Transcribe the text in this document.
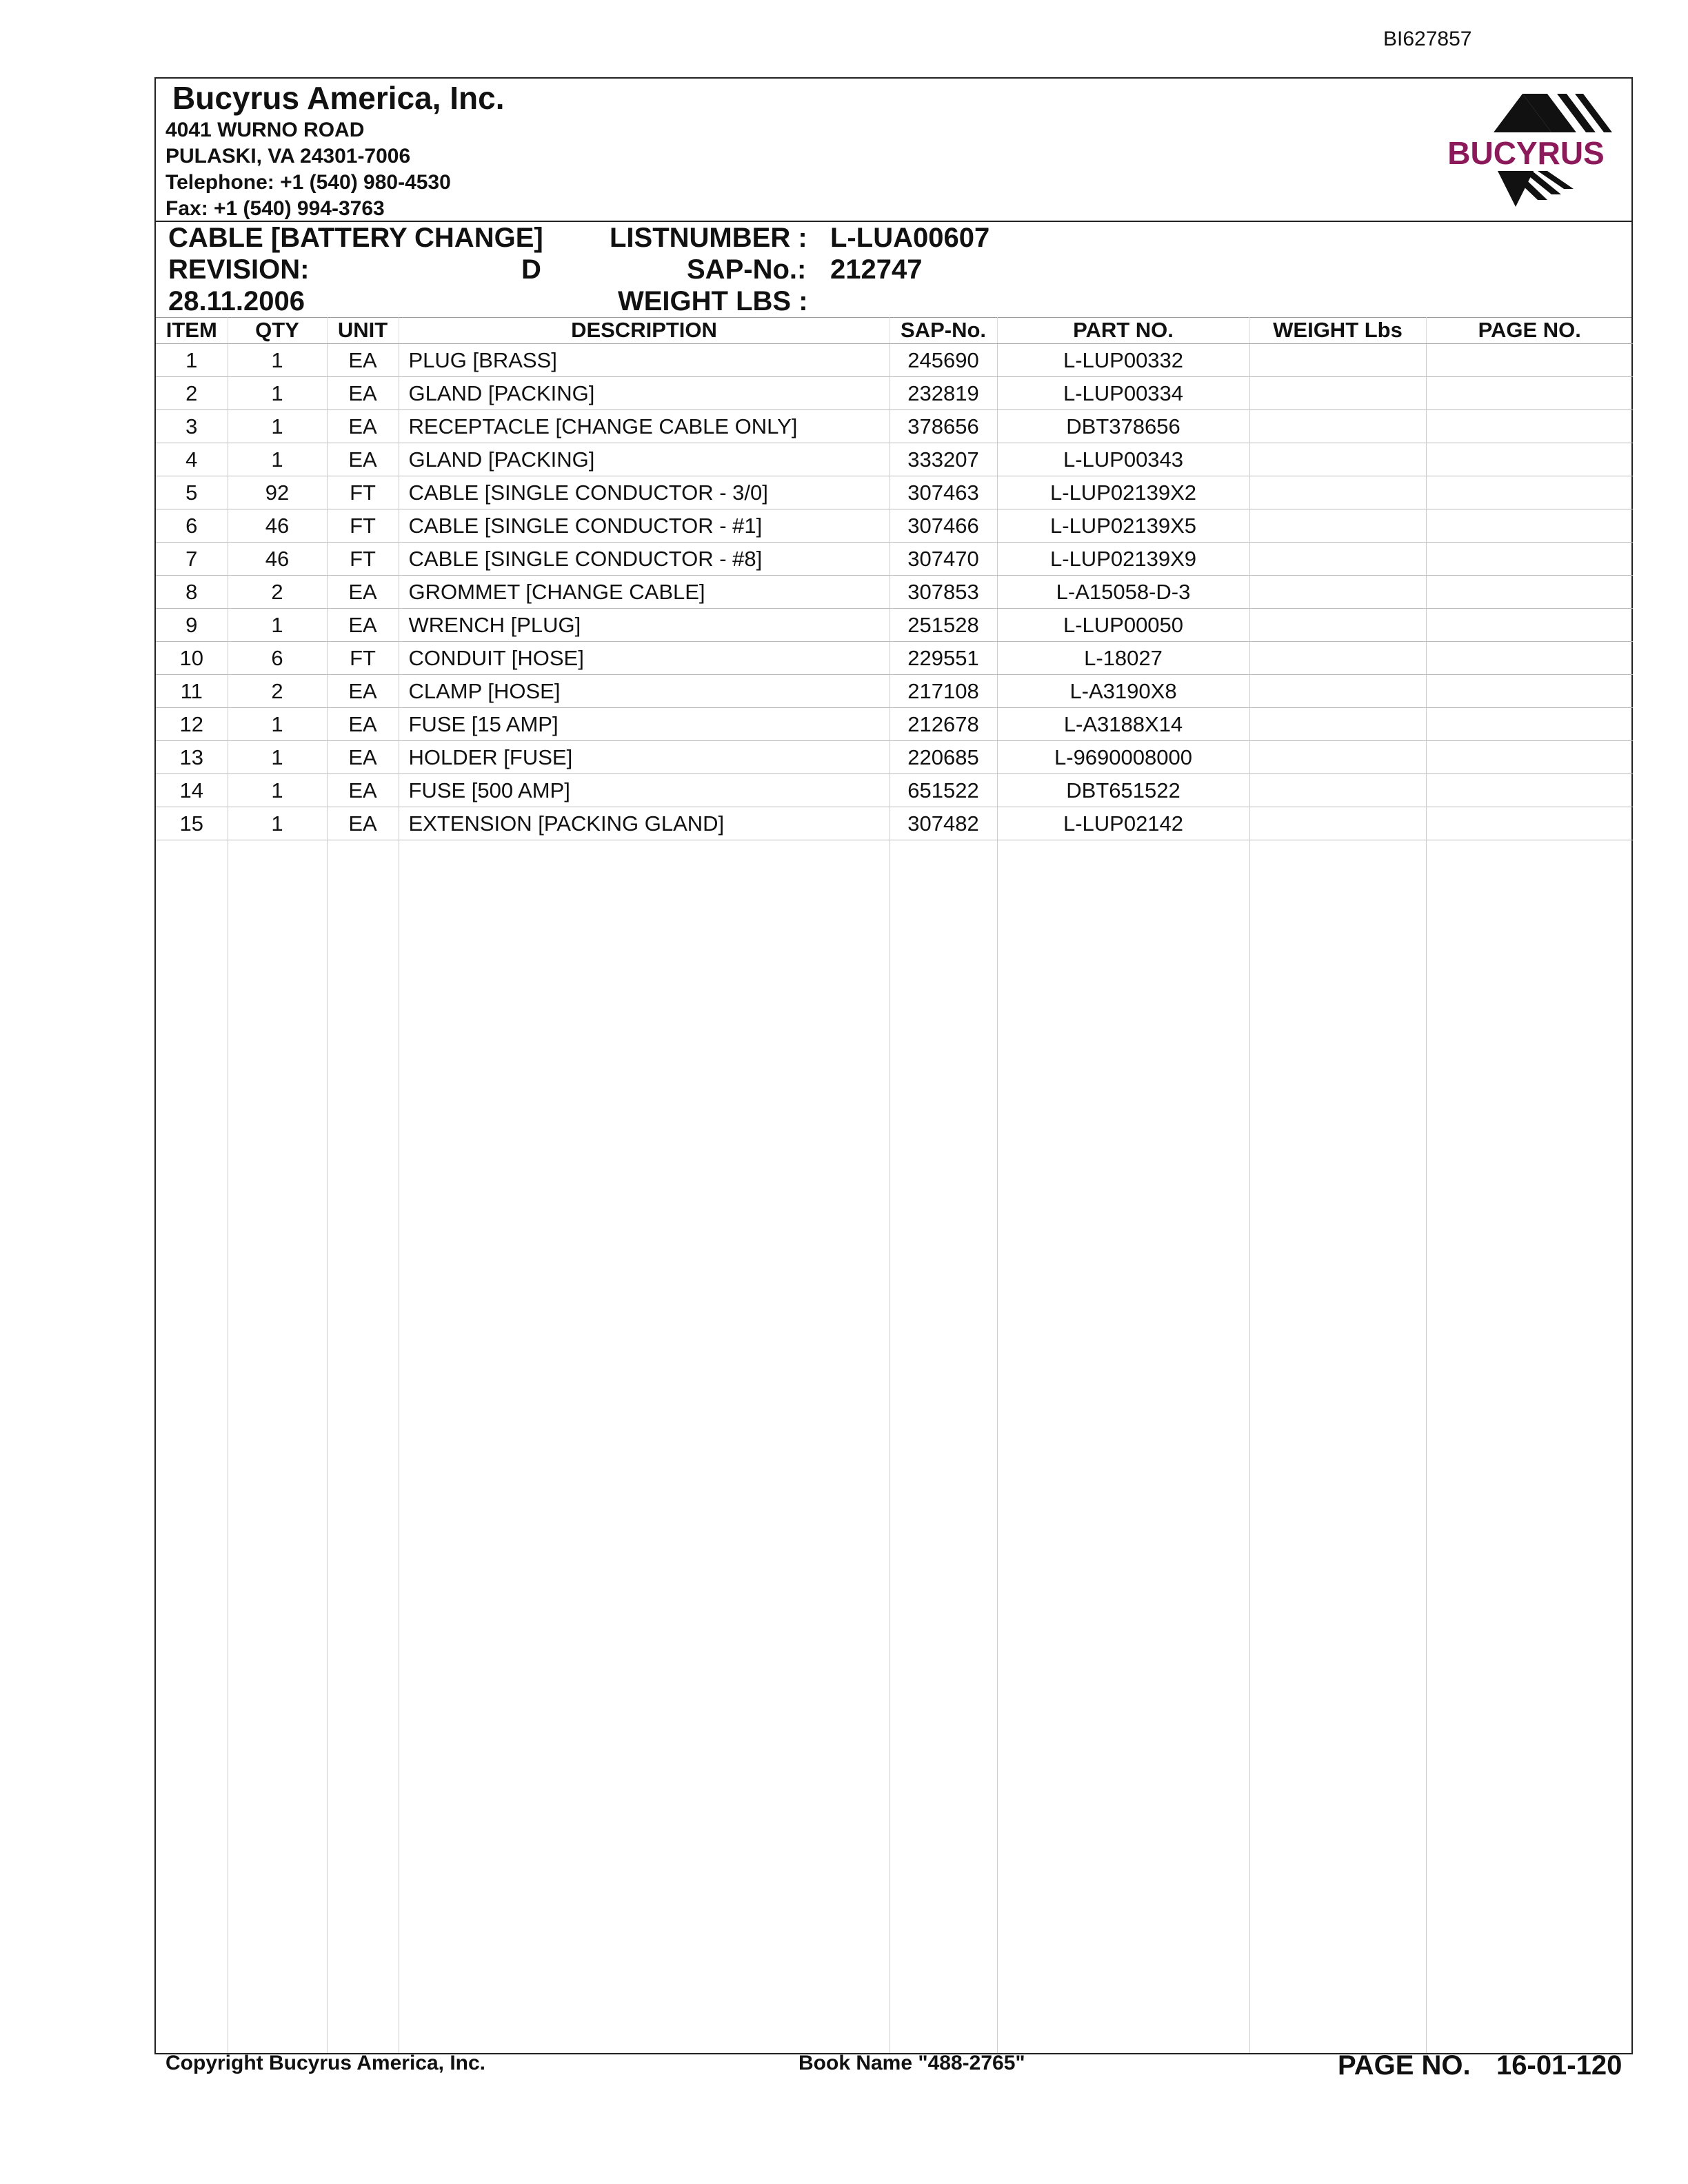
BI627857
Bucyrus America, Inc.
4041 WURNO ROAD
PULASKI, VA 24301-7006
Telephone: +1 (540) 980-4530
Fax: +1 (540) 994-3763
BUCYRUS
CABLE [BATTERY CHANGE]
REVISION:	D
28.11.2006
LISTNUMBER : L-LUA00607
SAP-No.: 212747
WEIGHT LBS :
ITEM	QTY	UNIT	DESCRIPTION	SAP-No.	PART NO.	WEIGHT Lbs	PAGE NO.
1	1	EA	PLUG [BRASS]	245690	L-LUP00332		
2	1	EA	GLAND [PACKING]	232819	L-LUP00334		
3	1	EA	RECEPTACLE [CHANGE CABLE ONLY]	378656	DBT378656		
4	1	EA	GLAND [PACKING]	333207	L-LUP00343		
5	92	FT	CABLE [SINGLE CONDUCTOR - 3/0]	307463	L-LUP02139X2		
6	46	FT	CABLE [SINGLE CONDUCTOR - #1]	307466	L-LUP02139X5		
7	46	FT	CABLE [SINGLE CONDUCTOR - #8]	307470	L-LUP02139X9		
8	2	EA	GROMMET [CHANGE CABLE]	307853	L-A15058-D-3		
9	1	EA	WRENCH [PLUG]	251528	L-LUP00050		
10	6	FT	CONDUIT [HOSE]	229551	L-18027		
11	2	EA	CLAMP [HOSE]	217108	L-A3190X8		
12	1	EA	FUSE [15 AMP]	212678	L-A3188X14		
13	1	EA	HOLDER [FUSE]	220685	L-9690008000		
14	1	EA	FUSE [500 AMP]	651522	DBT651522		
15	1	EA	EXTENSION [PACKING GLAND]	307482	L-LUP02142		

Copyright Bucyrus America, Inc.	Book Name "488-2765"	PAGE NO. 16-01-120
